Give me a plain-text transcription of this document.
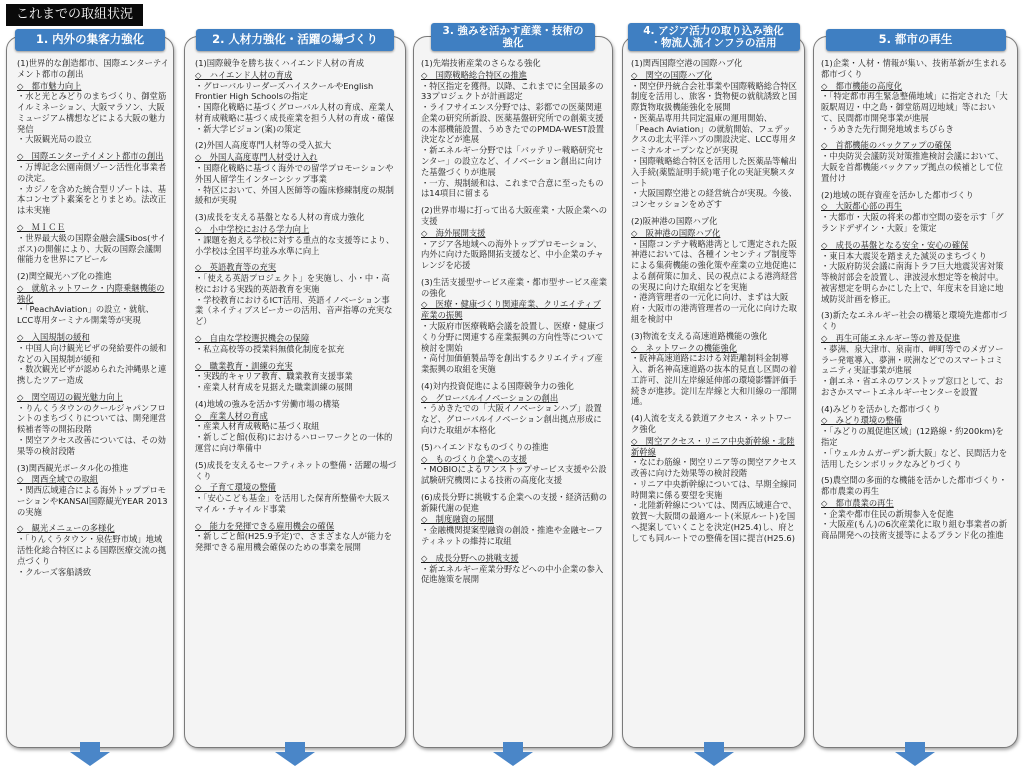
これまでの取組状況
1. 内外の集客力強化	2. 人材力強化・活躍の場づくり
3. 強みを活かす産業・技術の
強化
4. アジア活力の取り込み強化
・物流人流インフラの活用	5. 都市の再生
(1)世界的な創造都市、国際エンターテイメント都市の創出
◇　都市魅力向上
・水と光とみどりのまちづくり、御堂筋イルミネーション、大阪マラソン、大阪ミュージアム構想などによる大阪の魅力発信
・大阪観光局の設立
◇　国際エンターテイメント都市の創出
・万博記念公園南側ゾーン活性化事業者の決定。
・カジノを含めた統合型リゾートは、基本コンセプト素案をとりまとめ。法改正は未実施
◇　ＭＩＣＥ
・世界最大級の国際金融会議Sibos(サイボス)の開催により、大阪の国際会議開催能力を世界にアピール
(2)関空観光ハブ化の推進
◇　就航ネットワーク・内際乗継機能の強化
・「PeachAviation」の設立・就航、LCC専用ターミナル開業等が実現
◇　入国規制の緩和
・中国人向け観光ビザの発給要件の緩和などの入国規制が緩和
・数次観光ビザが認められた沖縄県と連携したツアー造成
◇　関空周辺の観光魅力向上
・りんくうタウンのクールジャパンフロントのまちづくりについては、開発運営候補者等の開拓段階
・関空アクセス改善については、その効果等の検討段階
(3)関西観光ポータル化の推進
◇　関西全域での取組
・関西広域連合による海外トッププロモーションやKANSAI国際観光YEAR 2013の実施
◇　観光メニューの多様化
・「りんくうタウン・泉佐野市域」地域活性化総合特区による国際医療交流の拠点づくり
・クルーズ客船誘致
(1)国際競争を勝ち抜くハイエンド人材の育成
◇　ハイエンド人材の育成
・グローバルリーダーズハイスクールやEnglish Frontier High Schoolsの指定
・国際化戦略に基づくグローバル人材の育成、産業人材育成戦略に基づく成長産業を担う人材の育成・確保
・新大学ビジョン(案)の策定
(2)外国人高度専門人材等の受入拡大
◇　外国人高度専門人材受け入れ
・国際化戦略に基づく海外での留学プロモーションや外国人留学生インターンシップ事業
・特区において、外国人医師等の臨床修練制度の規制緩和が実現
(3)成長を支える基盤となる人材の育成力強化
◇　小中学校における学力向上
・課題を抱える学校に対する重点的な支援等により、小学校は全国平均並み水準に向上
◇　英語教育等の充実
・「使える英語プロジェクト」を実施し、小・中・高校における実践的英語教育を実施
・学校教育におけるICT活用、英語イノベーション事業（ネイティブスピーカーの活用、音声指導の充実など）
◇　自由な学校選択機会の保障
・私立高校等の授業料無償化制度を拡充
◇　職業教育・訓練の充実
・実践的キャリア教育、職業教育支援事業
・産業人材育成を見据えた職業訓練の展開
(4)地域の強みを活かす労働市場の構築
◇　産業人材の育成
・産業人材育成戦略に基づく取組
・新しごと館(仮称)におけるハローワークとの一体的運営に向け準備中
(5)成長を支えるセーフティネットの整備・活躍の場づくり
◇　子育て環境の整備
・「安心こども基金」を活用した保育所整備や大阪スマイル・チャイルド事業
◇　能力を発揮できる雇用機会の確保
・新しごと館(H25.9予定)で、さまざまな人が能力を発揮できる雇用機会確保のための事業を展開
(1)先端技術産業のさらなる強化
◇　国際戦略総合特区の推進
・特区指定を獲得。以降、これまでに全国最多の33プロジェクトが計画認定
・ライフサイエンス分野では、彩都での医薬関連企業の研究所新設、医薬基盤研究所での創薬支援の本部機能設置、うめきたでのPMDA-WEST設置決定などが進展
・新エネルギー分野では「バッテリー戦略研究センター」の設立など、イノベーション創出に向けた基盤づくりが進展
・一方、規制緩和は、これまで合意に至ったものは14項目に留まる
(2)世界市場に打って出る大阪産業・大阪企業への支援
◇　海外展開支援
・アジア各地域への海外トッププロモーション、内外に向けた販路開拓支援など、中小企業のチャレンジを応援
(3)生活支援型サービス産業・都市型サービス産業の強化
◇　医療・健康づくり関連産業、クリエイティブ産業の振興
・大阪府市医療戦略会議を設置し、医療・健康づくり分野に関連する産業振興の方向性等について検討を開始
・高付加価値製品等を創出するクリエイティブ産業振興の取組を実施
(4)対内投資促進による国際競争力の強化
◇　グローバルイノベーションの創出
・うめきたでの「大阪イノベーションハブ」設置など、グローバルイノベーション創出拠点形成に向けた取組が本格化
(5)ハイエンドなものづくりの推進
◇　ものづくり企業への支援
・MOBIOによるワンストップサービス支援や公設試験研究機関による技術の高度化支援
(6)成長分野に挑戦する企業への支援・経済活動の新陳代謝の促進
◇　制度融資の展開
・金融機関提案型融資の創設・推進や金融セーフティネットの維持に取組
◇　成長分野への挑戦支援
・新エネルギー産業分野などへの中小企業の参入促進施策を展開
(1)関西国際空港の国際ハブ化
◇　関空の国際ハブ化
・関空伊丹統合会社事業や国際戦略総合特区制度を活用し、旅客・貨物便の就航誘致と国際貨物取扱機能強化を展開
・医薬品専用共同定温庫の運用開始、「Peach Aviation」の就航開始、フェデックスの北太平洋ハブの開設決定、LCC専用ターミナルオープンなどが実現
・国際戦略総合特区を活用した医薬品等輸出入手続(薬監証明手続)電子化の実証実験スタート
・大阪国際空港との経営統合が実現。今後、コンセッションをめざす
(2)阪神港の国際ハブ化
◇　阪神港の国際ハブ化
・国際コンテナ戦略港湾として選定された阪神港においては、各種インセンティブ制度等による集荷機能の強化策や産業の立地促進による創荷策に加え、民の視点による港湾経営の実現に向けた取組などを実施
・港湾管理者の一元化に向け、まずは大阪府・大阪市の港湾管理者の一元化に向けた取組を検討中
(3)物流を支える高速道路機能の強化
◇　ネットワークの機能強化
・阪神高速道路における対距離制料金制導入、新名神高速道路の抜本的見直し区間の着工許可、淀川左岸線延伸部の環境影響評価手続きが進捗。淀川左岸線と大和川線の一部開通。
(4)人流を支える鉄道アクセス・ネットワーク強化
◇　関空アクセス・リニア中央新幹線・北陸新幹線
・なにわ筋線・関空リニア等の関空アクセス改善に向けた効果等の検討段階
・リニア中央新幹線については、早期全線同時開業に係る要望を実施
・北陸新幹線については、関西広域連合で、敦賀～大阪間の最適ルート(米原ルート)を国へ提案していくことを決定(H25.4)し、府としても同ルートでの整備を国に提言(H25.6)
(1)企業・人材・情報が集い、技術革新が生まれる都市づくり
◇　都市機能の高度化
・「特定都市再生緊急整備地域」に指定された「大阪駅周辺・中之島・御堂筋周辺地域」等において、民間都市開発事業が進展
・うめきた先行開発地域まちびらき
◇　首都機能のバックアップの確保
・中央防災会議防災対策推進検討会議において、大阪を首都機能バックアップ拠点の候補として位置付け
(2)地域の既存資産を活かした都市づくり
◇　大阪都心部の再生
・大都市・大阪の将来の都市空間の姿を示す「グランドデザイン・大阪」を策定
◇　成長の基盤となる安全・安心の確保
・東日本大震災を踏まえた減災のまちづくり
・大阪府防災会議に南海トラフ巨大地震災害対策等検討部会を設置し、津波浸水想定等を検討中。被害想定を明らかにした上で、年度末を目途に地域防災計画を修正。
(3)新たなエネルギー社会の構築と環境先進都市づくり
◇　再生可能エネルギー等の普及促進
・夢洲、泉大津市、泉南市、岬町等でのメガソーラー発電導入、夢洲・咲洲などでのスマートコミュニティ実証事業が進展
・創エネ・省エネのワンストップ窓口として、おおさかスマートエネルギーセンターを設置
(4)みどりを活かした都市づくり
◇　みどり環境の整備
・「みどりの風促進区域」(12路線・約200km)を指定
・「ウェルカムガーデン新大阪」など、民間活力を活用したシンボリックなみどりづくり
(5)農空間の多面的な機能を活かした都市づくり・都市農業の再生
◇　都市農業の再生
・企業や都市住民の新規参入を促進
・大阪産(もん)の6次産業化に取り組む事業者の新商品開発への技術支援等によるブランド化の推進
